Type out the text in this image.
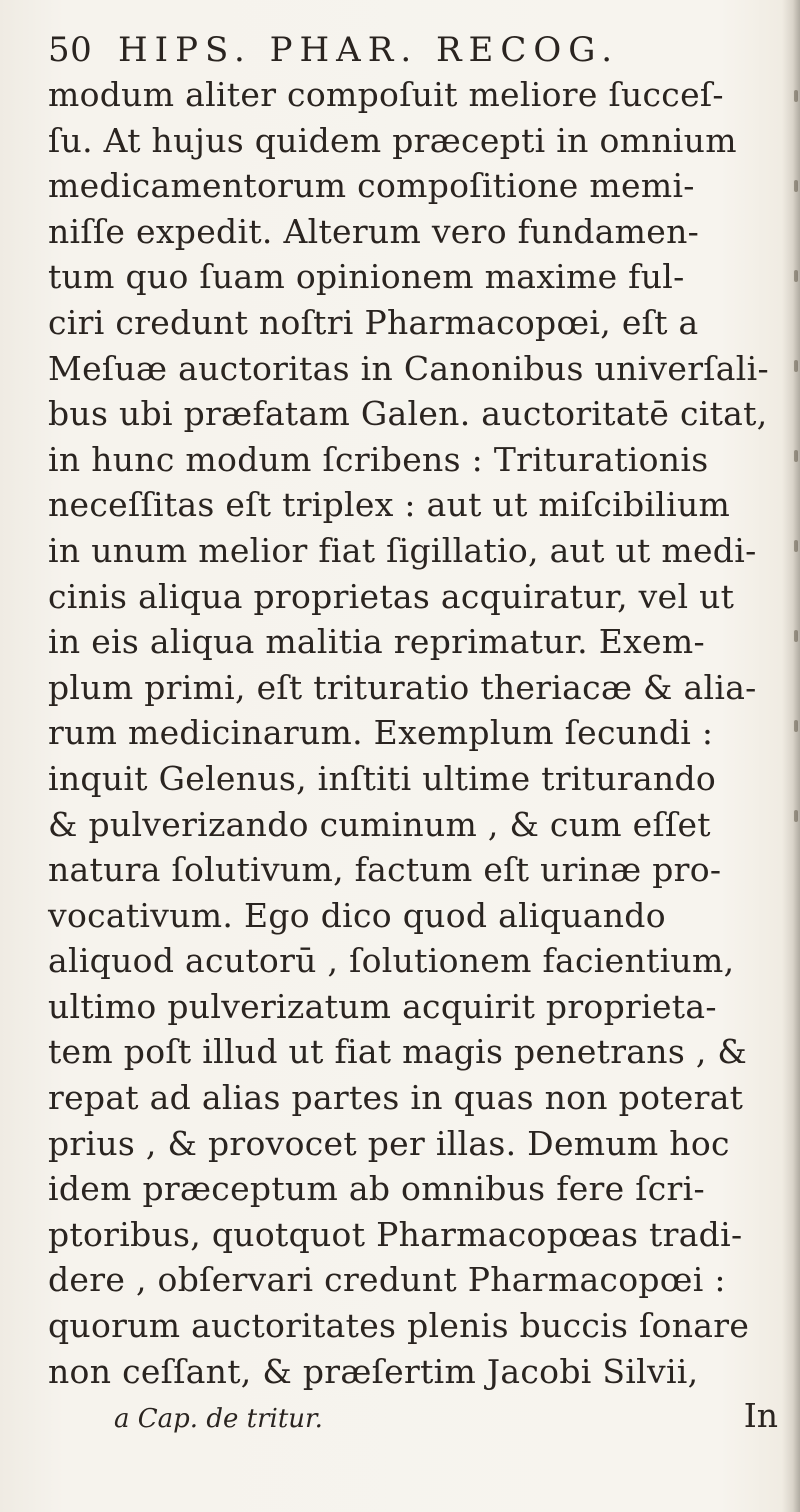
50 HIPS. PHAR. RECOG.
modum aliter compoſuit meliore ſucceſ-
ſu. At hujus quidem præcepti in omnium
medicamentorum compoſitione memi-
niſſe expedit. Alterum vero fundamen-
tum quo ſuam opinionem maxime ful-
ciri credunt noſtri Pharmacopœi, eſt a
Meſuæ auctoritas in Canonibus univerſali-
bus ubi præfatam Galen. auctoritatē citat,
in hunc modum ſcribens : Triturationis
neceſſitas eſt triplex : aut ut miſcibilium
in unum melior fiat ſigillatio, aut ut medi-
cinis aliqua proprietas acquiratur, vel ut
in eis aliqua malitia reprimatur. Exem-
plum primi, eſt trituratio theriacæ & alia-
rum medicinarum. Exemplum ſecundi :
inquit Gelenus, inſtiti ultime triturando
& pulverizando cuminum , & cum eſſet
natura ſolutivum, factum eſt urinæ pro-
vocativum. Ego dico quod aliquando
aliquod acutorū , ſolutionem facientium,
ultimo pulverizatum acquirit proprieta-
tem poſt illud ut fiat magis penetrans , &
repat ad alias partes in quas non poterat
prius , & provocet per illas. Demum hoc
idem præceptum ab omnibus fere ſcri-
ptoribus, quotquot Pharmacopœas tradi-
dere , obſervari credunt Pharmacopœi :
quorum auctoritates plenis buccis ſonare
non ceſſant, & præſertim Jacobi Silvii,
a Cap. de tritur.	In
